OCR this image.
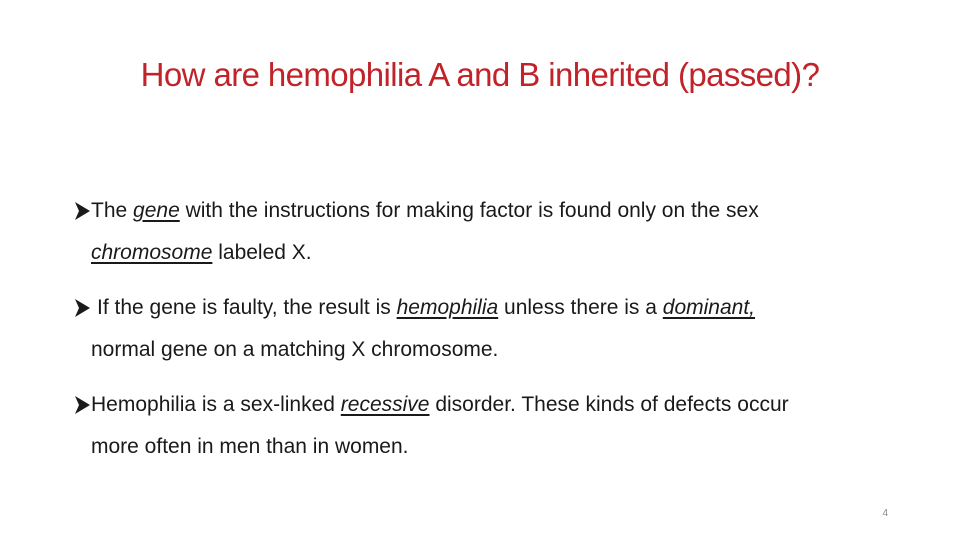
How are hemophilia A and B inherited (passed)?
The gene with the instructions for making factor is found only on the sex
chromosome labeled X.
If the gene is faulty, the result is hemophilia unless there is a dominant,
normal gene on a matching X chromosome.
Hemophilia is a sex-linked recessive disorder. These kinds of defects occur
more often in men than in women.
4
